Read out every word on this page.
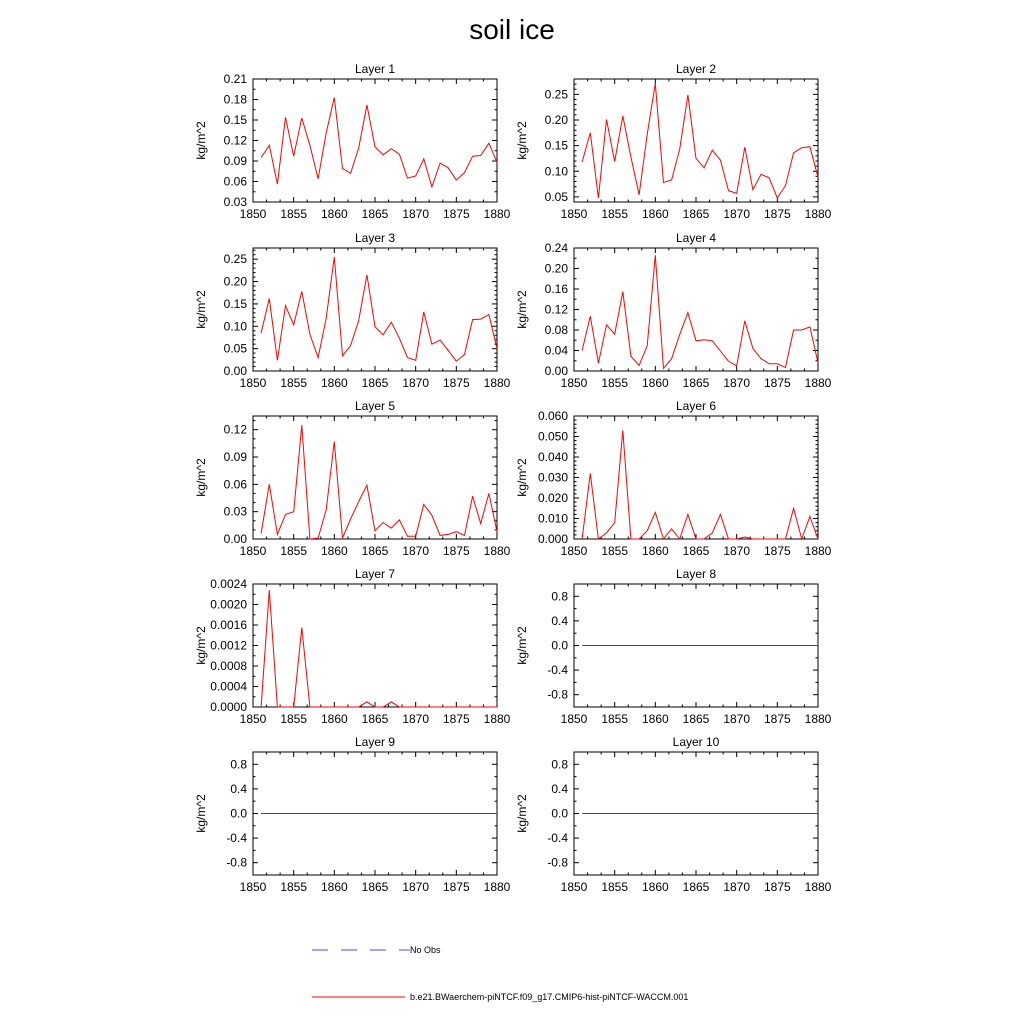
soil ice
Layer 1
kg/m^2
1850 1855 1860 1865 1870 1875 1880
0.03
0.06
0.09
0.12
0.15
0.18
0.21
Layer 2
kg/m^2
1850 1855 1860 1865 1870 1875 1880
0.05
0.10
0.15
0.20
0.25
Layer 3
kg/m^2
1850 1855 1860 1865 1870 1875 1880
0.00
0.05
0.10
0.15
0.20
0.25
Layer 4
kg/m^2
1850 1855 1860 1865 1870 1875 1880
0.00
0.04
0.08
0.12
0.16
0.20
0.24
Layer 5
kg/m^2
1850 1855 1860 1865 1870 1875 1880
0.00
0.03
0.06
0.09
0.12
Layer 6
kg/m^2
1850 1855 1860 1865 1870 1875 1880
0.000
0.010
0.020
0.030
0.040
0.050
0.060
Layer 7
kg/m^2
1850 1855 1860 1865 1870 1875 1880
0.0000
0.0004
0.0008
0.0012
0.0016
0.0020
0.0024
Layer 8
kg/m^2
1850 1855 1860 1865 1870 1875 1880
-0.8
-0.4
0.0
0.4
0.8
Layer 9
kg/m^2
1850 1855 1860 1865 1870 1875 1880
-0.8
-0.4
0.0
0.4
0.8
Layer 10
kg/m^2
1850 1855 1860 1865 1870 1875 1880
-0.8
-0.4
0.0
0.4
0.8
No Obs
b.e21.BWaerchem-piNTCF.f09_g17.CMIP6-hist-piNTCF-WACCM.001
